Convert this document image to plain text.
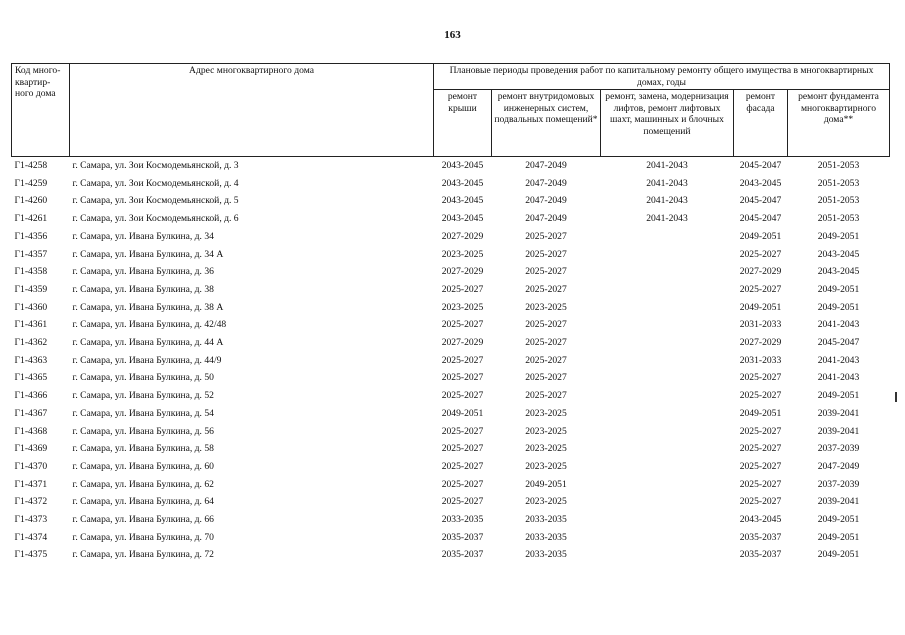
163
Код много-квартир-ного дома	Адрес многоквартирного дома	Плановые периоды проведения работ по капитальному ремонту общего имущества в многоквартирных домах, годы				
		ремонт крыши	ремонт внутридомовых инженерных систем, подвальных помещений*	ремонт, замена, модернизация лифтов, ремонт лифтовых шахт, машинных и блочных помещений	ремонт фасада	ремонт фундамента многоквартирного дома**
Г1-4258	г. Самара, ул. Зои Космодемьянской, д. 3	2043-2045	2047-2049	2041-2043	2045-2047	2051-2053
Г1-4259	г. Самара, ул. Зои Космодемьянской, д. 4	2043-2045	2047-2049	2041-2043	2043-2045	2051-2053
Г1-4260	г. Самара, ул. Зои Космодемьянской, д. 5	2043-2045	2047-2049	2041-2043	2045-2047	2051-2053
Г1-4261	г. Самара, ул. Зои Космодемьянской, д. 6	2043-2045	2047-2049	2041-2043	2045-2047	2051-2053
Г1-4356	г. Самара, ул. Ивана Булкина, д. 34	2027-2029	2025-2027		2049-2051	2049-2051
Г1-4357	г. Самара, ул. Ивана Булкина, д. 34 А	2023-2025	2025-2027		2025-2027	2043-2045
Г1-4358	г. Самара, ул. Ивана Булкина, д. 36	2027-2029	2025-2027		2027-2029	2043-2045
Г1-4359	г. Самара, ул. Ивана Булкина, д. 38	2025-2027	2025-2027		2025-2027	2049-2051
Г1-4360	г. Самара, ул. Ивана Булкина, д. 38 А	2023-2025	2023-2025		2049-2051	2049-2051
Г1-4361	г. Самара, ул. Ивана Булкина, д. 42/48	2025-2027	2025-2027		2031-2033	2041-2043
Г1-4362	г. Самара, ул. Ивана Булкина, д. 44 А	2027-2029	2025-2027		2027-2029	2045-2047
Г1-4363	г. Самара, ул. Ивана Булкина, д. 44/9	2025-2027	2025-2027		2031-2033	2041-2043
Г1-4365	г. Самара, ул. Ивана Булкина, д. 50	2025-2027	2025-2027		2025-2027	2041-2043
Г1-4366	г. Самара, ул. Ивана Булкина, д. 52	2025-2027	2025-2027		2025-2027	2049-2051
Г1-4367	г. Самара, ул. Ивана Булкина, д. 54	2049-2051	2023-2025		2049-2051	2039-2041
Г1-4368	г. Самара, ул. Ивана Булкина, д. 56	2025-2027	2023-2025		2025-2027	2039-2041
Г1-4369	г. Самара, ул. Ивана Булкина, д. 58	2025-2027	2023-2025		2025-2027	2037-2039
Г1-4370	г. Самара, ул. Ивана Булкина, д. 60	2025-2027	2023-2025		2025-2027	2047-2049
Г1-4371	г. Самара, ул. Ивана Булкина, д. 62	2025-2027	2049-2051		2025-2027	2037-2039
Г1-4372	г. Самара, ул. Ивана Булкина, д. 64	2025-2027	2023-2025		2025-2027	2039-2041
Г1-4373	г. Самара, ул. Ивана Булкина, д. 66	2033-2035	2033-2035		2043-2045	2049-2051
Г1-4374	г. Самара, ул. Ивана Булкина, д. 70	2035-2037	2033-2035		2035-2037	2049-2051
Г1-4375	г. Самара, ул. Ивана Булкина, д. 72	2035-2037	2033-2035		2035-2037	2049-2051
